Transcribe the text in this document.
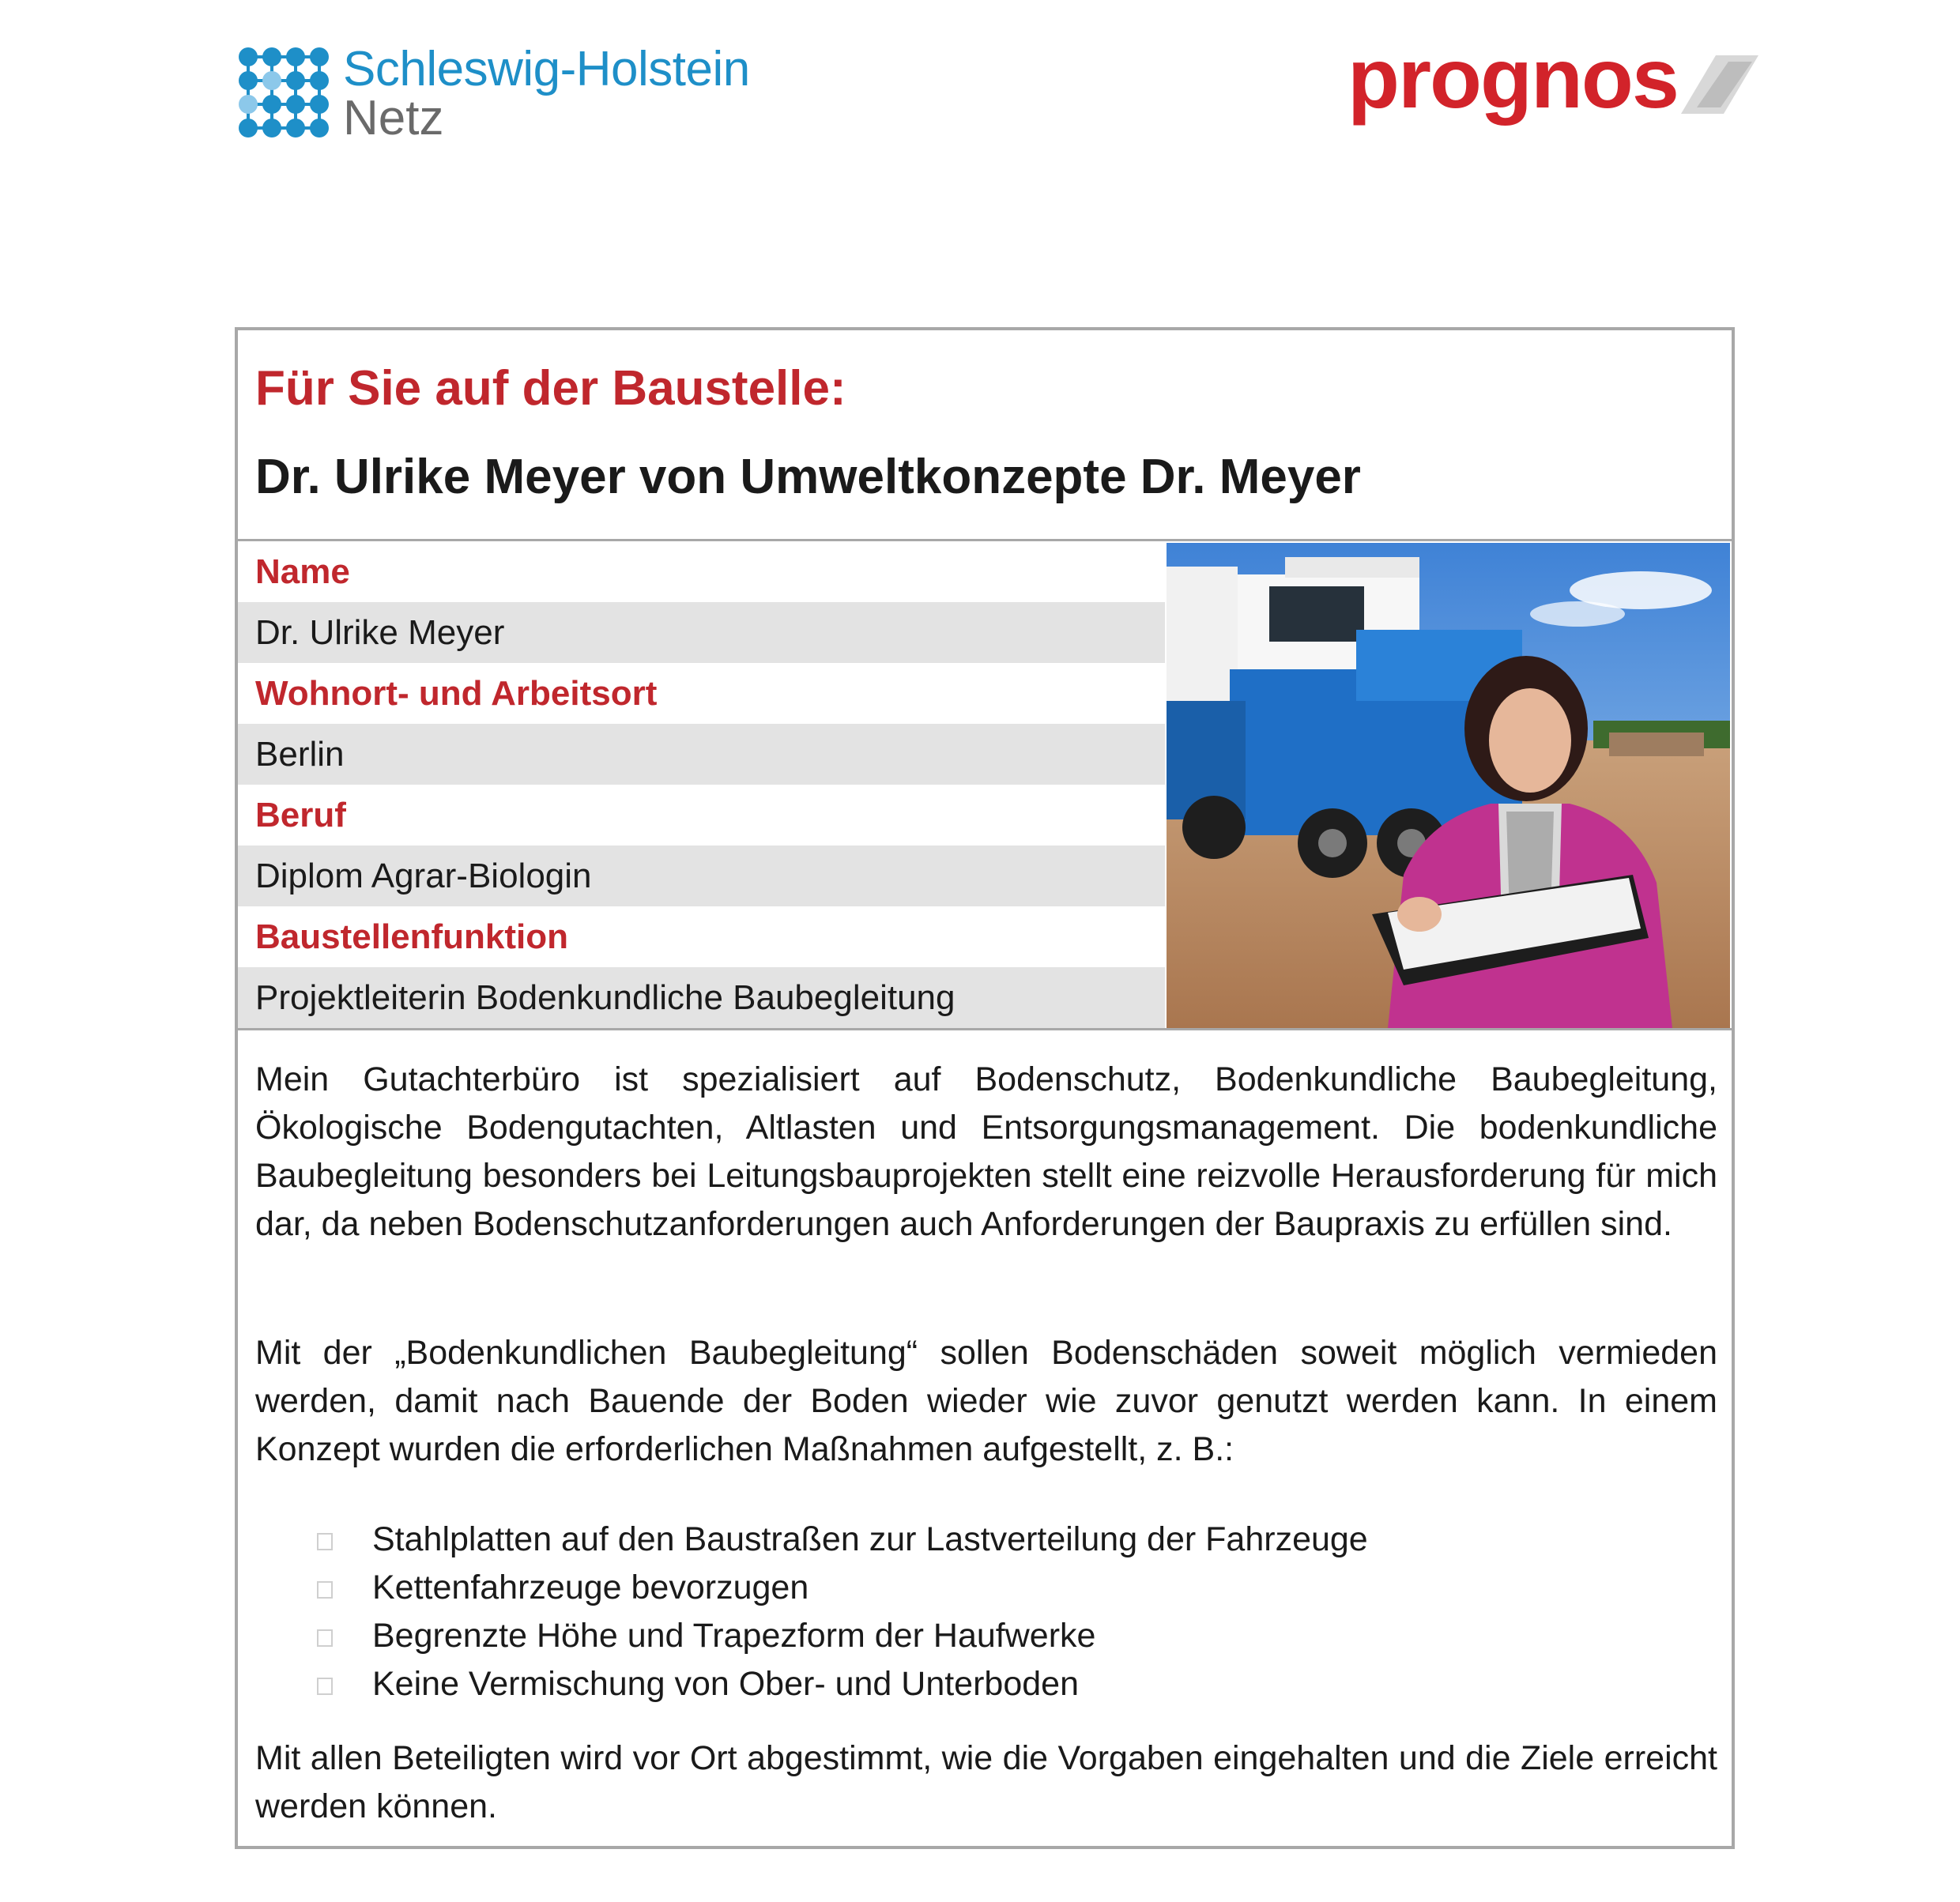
Schleswig-Holstein
Netz	prognos
Für Sie auf der Baustelle:
Dr. Ulrike Meyer von Umweltkonzepte Dr. Meyer
Name
Dr. Ulrike Meyer
Wohnort- und Arbeitsort
Berlin
Beruf
Diplom Agrar-Biologin
Baustellenfunktion
Projektleiterin Bodenkundliche Baubegleitung
Mein Gutachterbüro ist spezialisiert auf Bodenschutz, Bodenkundliche Baubegleitung, Ökologische Bodengutachten, Altlasten und Entsorgungsmanagement. Die bodenkundliche Baubegleitung besonders bei Leitungsbauprojekten stellt eine reizvolle Herausforderung für mich dar, da neben Bodenschutzanforderungen auch Anforderungen der Baupraxis zu erfüllen sind.
Mit der „Bodenkundlichen Baubegleitung“ sollen Bodenschäden soweit möglich vermieden werden, damit nach Bauende der Boden wieder wie zuvor genutzt werden kann. In einem Konzept wurden die erforderlichen Maßnahmen aufgestellt, z. B.:
Stahlplatten auf den Baustraßen zur Lastverteilung der Fahrzeuge
Kettenfahrzeuge bevorzugen
Begrenzte Höhe und Trapezform der Haufwerke
Keine Vermischung von Ober- und Unterboden
Mit allen Beteiligten wird vor Ort abgestimmt, wie die Vorgaben eingehalten und die Ziele erreicht werden können.
